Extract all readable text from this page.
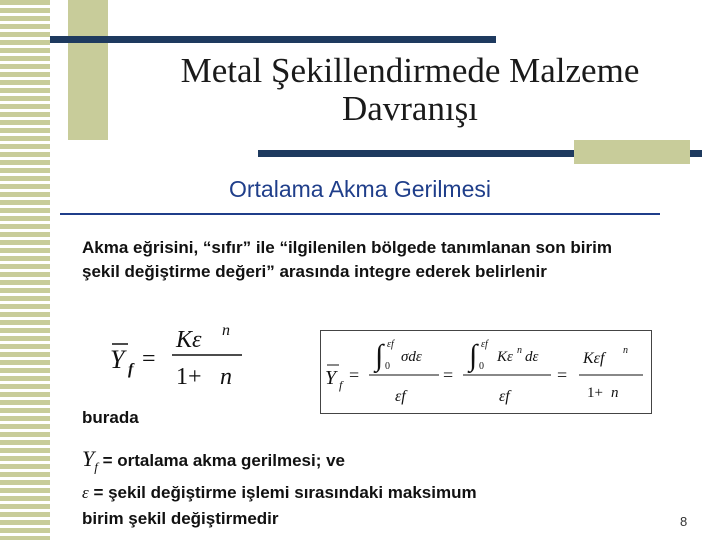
Metal Şekillendirmede Malzeme
Davranışı
Ortalama Akma Gerilmesi
Akma eğrisini, “sıfır” ile “ilgilenilen bölgede tanımlanan son birim şekil değiştirme değeri” arasında integre ederek belirlenir
Y f =
Kε n
1+ n	Y f =
∫ εf
0
σdε
εf
=
∫ εf
0
Kε n dε
εf
=
Kεf n
1+ n
burada
$Y_f$ = ortalama akma gerilmesi; ve
ε = şekil değiştirme işlemi sırasındaki maksimum
birim şekil değiştirmedir	8
